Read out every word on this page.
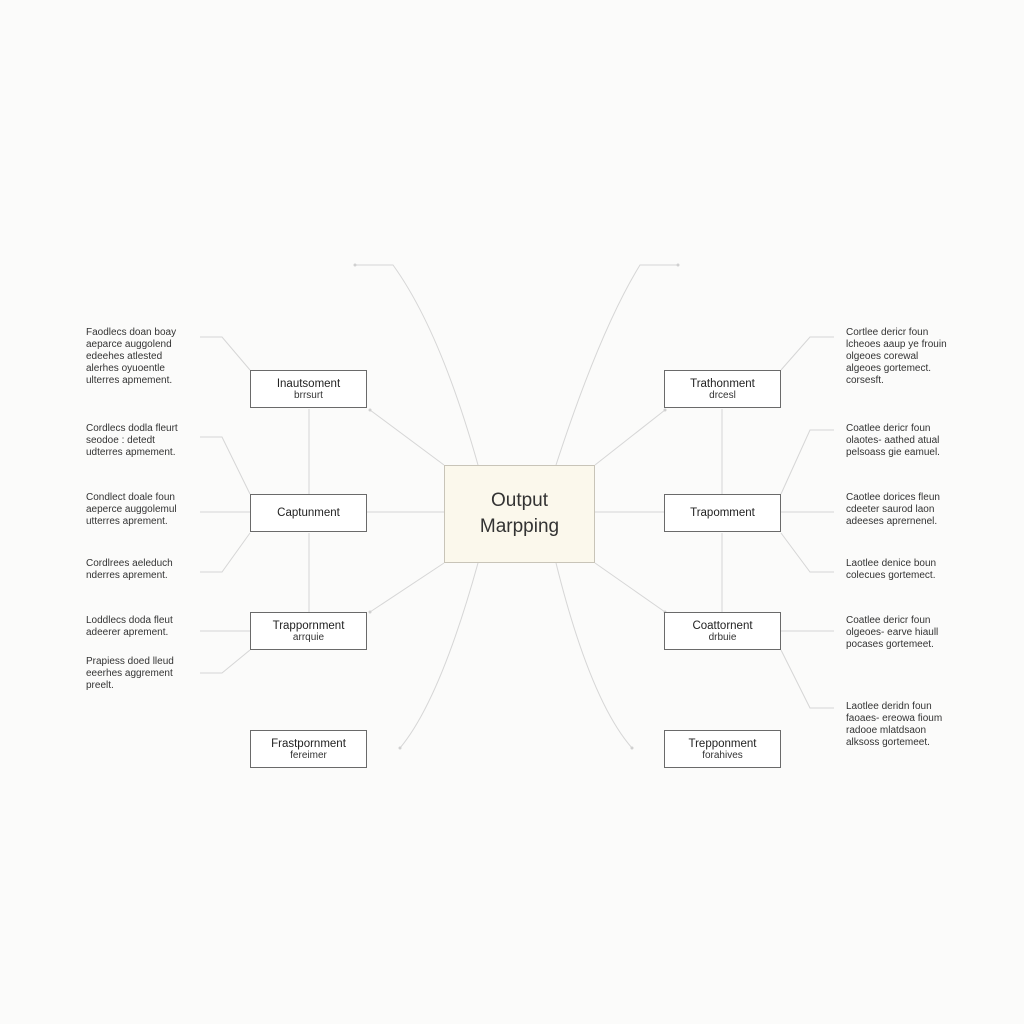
Output
Marpping
Inautsoment
brrsurt
Captunment
Trappornment
arrquie
Frastpornment
fereimer
Trathonment
drcesl
Trapomment
Coattornent
drbuie
Trepponment
forahives
Faodlecs doan boay
aeparce auggolend
edeehes atlested
alerhes oyuoentle
ulterres apmement.
Cordlecs dodla fleurt
seodoe : detedt
udterres apmement.
Condlect doale foun
aeperce auggolemul
utterres aprement.
Cordlrees aeleduch
nderres aprement.
Loddlecs doda fleut
adeerer aprement.
Prapiess doed lleud
eeerhes aggrement
preelt.
Cortlee dericr foun
lcheoes aaup ye frouin
olgeoes corewal
algeoes gortemect.
corsesft.
Coatlee dericr foun
olaotes- aathed atual
pelsoass gie eamuel.
Caotlee dorices fleun
cdeeter saurod laon
adeeses aprernenel.
Laotlee denice boun
colecues gortemect.
Coatlee dericr foun
olgeoes- earve hiaull
pocases gortemeet.
Laotlee deridn foun
faoaes- ereowa fioum
radooe mlatdsaon
alksoss gortemeet.
